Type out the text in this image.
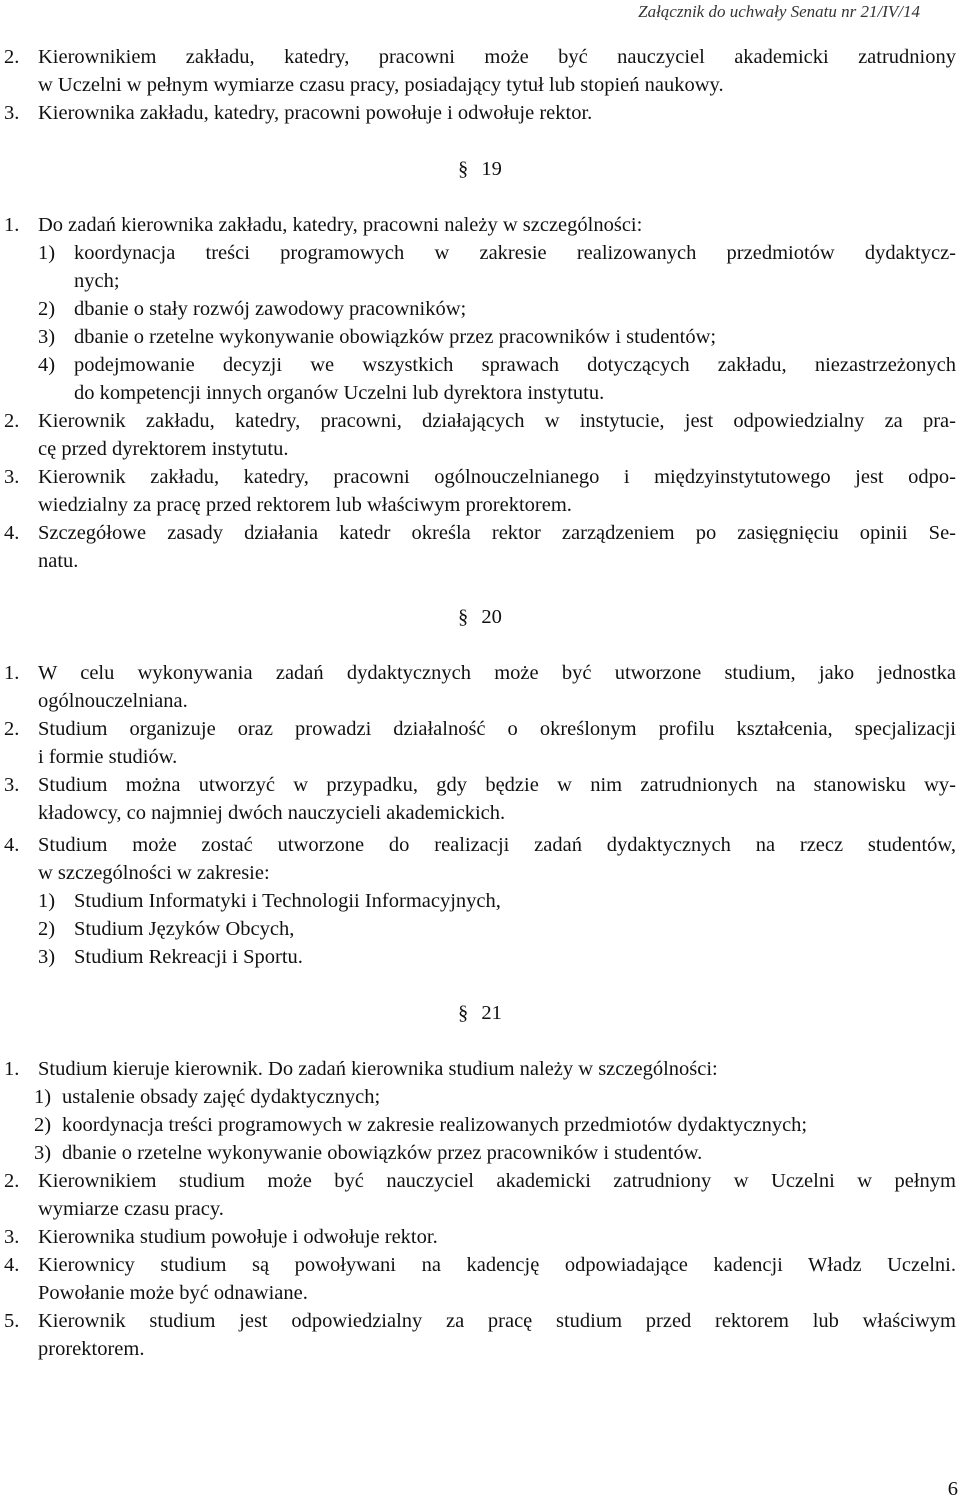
Załącznik do uchwały Senatu nr 21/IV/14
2. Kierownikiem zakładu, katedry, pracowni może być nauczyciel akademicki zatrudniony
w Uczelni w pełnym wymiarze czasu pracy, posiadający tytuł lub stopień naukowy.
3. Kierownika zakładu, katedry, pracowni powołuje i odwołuje rektor.
§ 19
1. Do zadań kierownika zakładu, katedry, pracowni należy w szczególności:
1) koordynacja treści programowych w zakresie realizowanych przedmiotów dydaktycz-
nych;
2) dbanie o stały rozwój zawodowy pracowników;
3) dbanie o rzetelne wykonywanie obowiązków przez pracowników i studentów;
4) podejmowanie decyzji we wszystkich sprawach dotyczących zakładu, niezastrzeżonych
do kompetencji innych organów Uczelni lub dyrektora instytutu.
2. Kierownik zakładu, katedry, pracowni, działających w instytucie, jest odpowiedzialny za pra-
cę przed dyrektorem instytutu.
3. Kierownik zakładu, katedry, pracowni ogólnouczelnianego i międzyinstytutowego jest odpo-
wiedzialny za pracę przed rektorem lub właściwym prorektorem.
4. Szczegółowe zasady działania katedr określa rektor zarządzeniem po zasięgnięciu opinii Se-
natu.
§ 20
1. W celu wykonywania zadań dydaktycznych może być utworzone studium, jako jednostka
ogólnouczelniana.
2. Studium organizuje oraz prowadzi działalność o określonym profilu kształcenia, specjalizacji
i formie studiów.
3. Studium można utworzyć w przypadku, gdy będzie w nim zatrudnionych na stanowisku wy-
kładowcy, co najmniej dwóch nauczycieli akademickich.
4. Studium może zostać utworzone do realizacji zadań dydaktycznych na rzecz studentów,
w szczególności w zakresie:
1) Studium Informatyki i Technologii Informacyjnych,
2) Studium Języków Obcych,
3) Studium Rekreacji i Sportu.
§ 21
1. Studium kieruje kierownik. Do zadań kierownika studium należy w szczególności:
1) ustalenie obsady zajęć dydaktycznych;
2) koordynacja treści programowych w zakresie realizowanych przedmiotów dydaktycznych;
3) dbanie o rzetelne wykonywanie obowiązków przez pracowników i studentów.
2. Kierownikiem studium może być nauczyciel akademicki zatrudniony w Uczelni w pełnym
wymiarze czasu pracy.
3. Kierownika studium powołuje i odwołuje rektor.
4. Kierownicy studium są powoływani na kadencję odpowiadające kadencji Władz Uczelni.
Powołanie może być odnawiane.
5. Kierownik studium jest odpowiedzialny za pracę studium przed rektorem lub właściwym
prorektorem.
6
